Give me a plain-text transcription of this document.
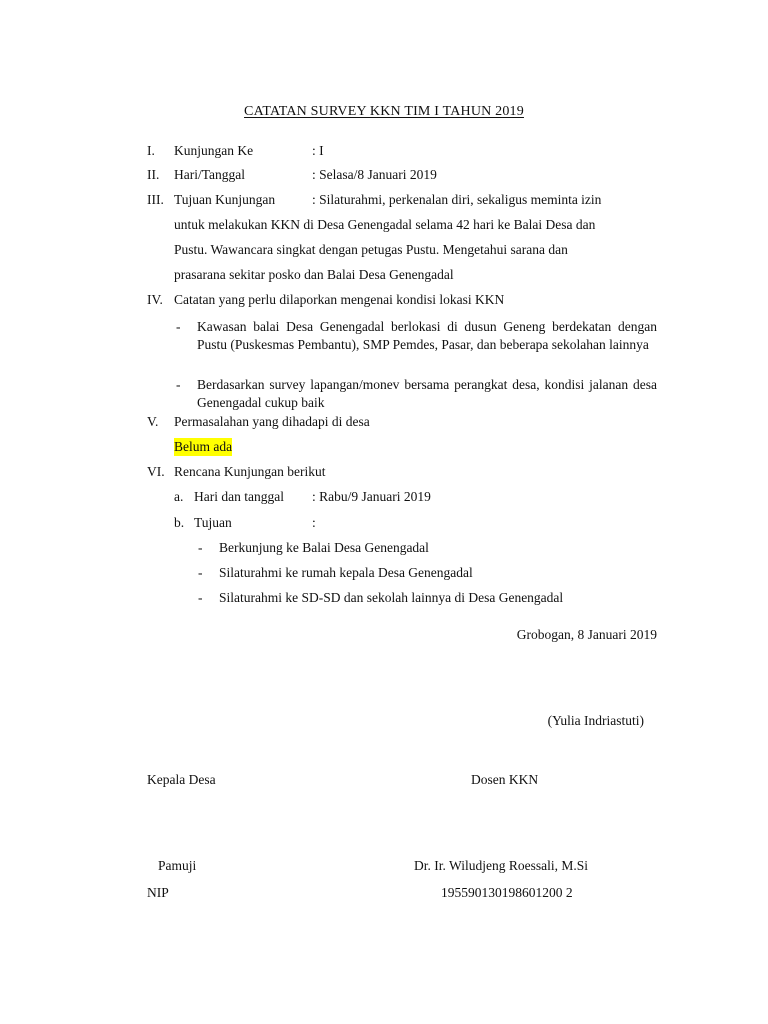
CATATAN SURVEY KKN TIM I TAHUN 2019
I. Kunjungan Ke	: I
II. Hari/Tanggal	: Selasa/8 Januari 2019
III. Tujuan Kunjungan	: Silaturahmi, perkenalan diri, sekaligus meminta izin
untuk melakukan KKN di Desa Genengadal selama 42 hari ke Balai Desa dan
Pustu. Wawancara singkat dengan petugas Pustu. Mengetahui sarana dan
prasarana sekitar posko dan Balai Desa Genengadal
IV. Catatan yang perlu dilaporkan mengenai kondisi lokasi KKN
- Kawasan balai Desa Genengadal berlokasi di dusun Geneng berdekatan dengan Pustu (Puskesmas Pembantu), SMP Pemdes, Pasar, dan beberapa sekolahan lainnya
- Berdasarkan survey lapangan/monev bersama perangkat desa, kondisi jalanan desa Genengadal cukup baik
V. Permasalahan yang dihadapi di desa
Belum ada
VI. Rencana Kunjungan berikut
a. Hari dan tanggal : Rabu/9 Januari 2019
b. Tujuan	:
- Berkunjung ke Balai Desa Genengadal
- Silaturahmi ke rumah kepala Desa Genengadal
- Silaturahmi ke SD-SD dan sekolah lainnya di Desa Genengadal
Grobogan, 8 Januari 2019
(Yulia Indriastuti)
Kepala Desa	Dosen KKN
Pamuji	Dr. Ir. Wiludjeng Roessali, M.Si
NIP	195590130198601200 2
